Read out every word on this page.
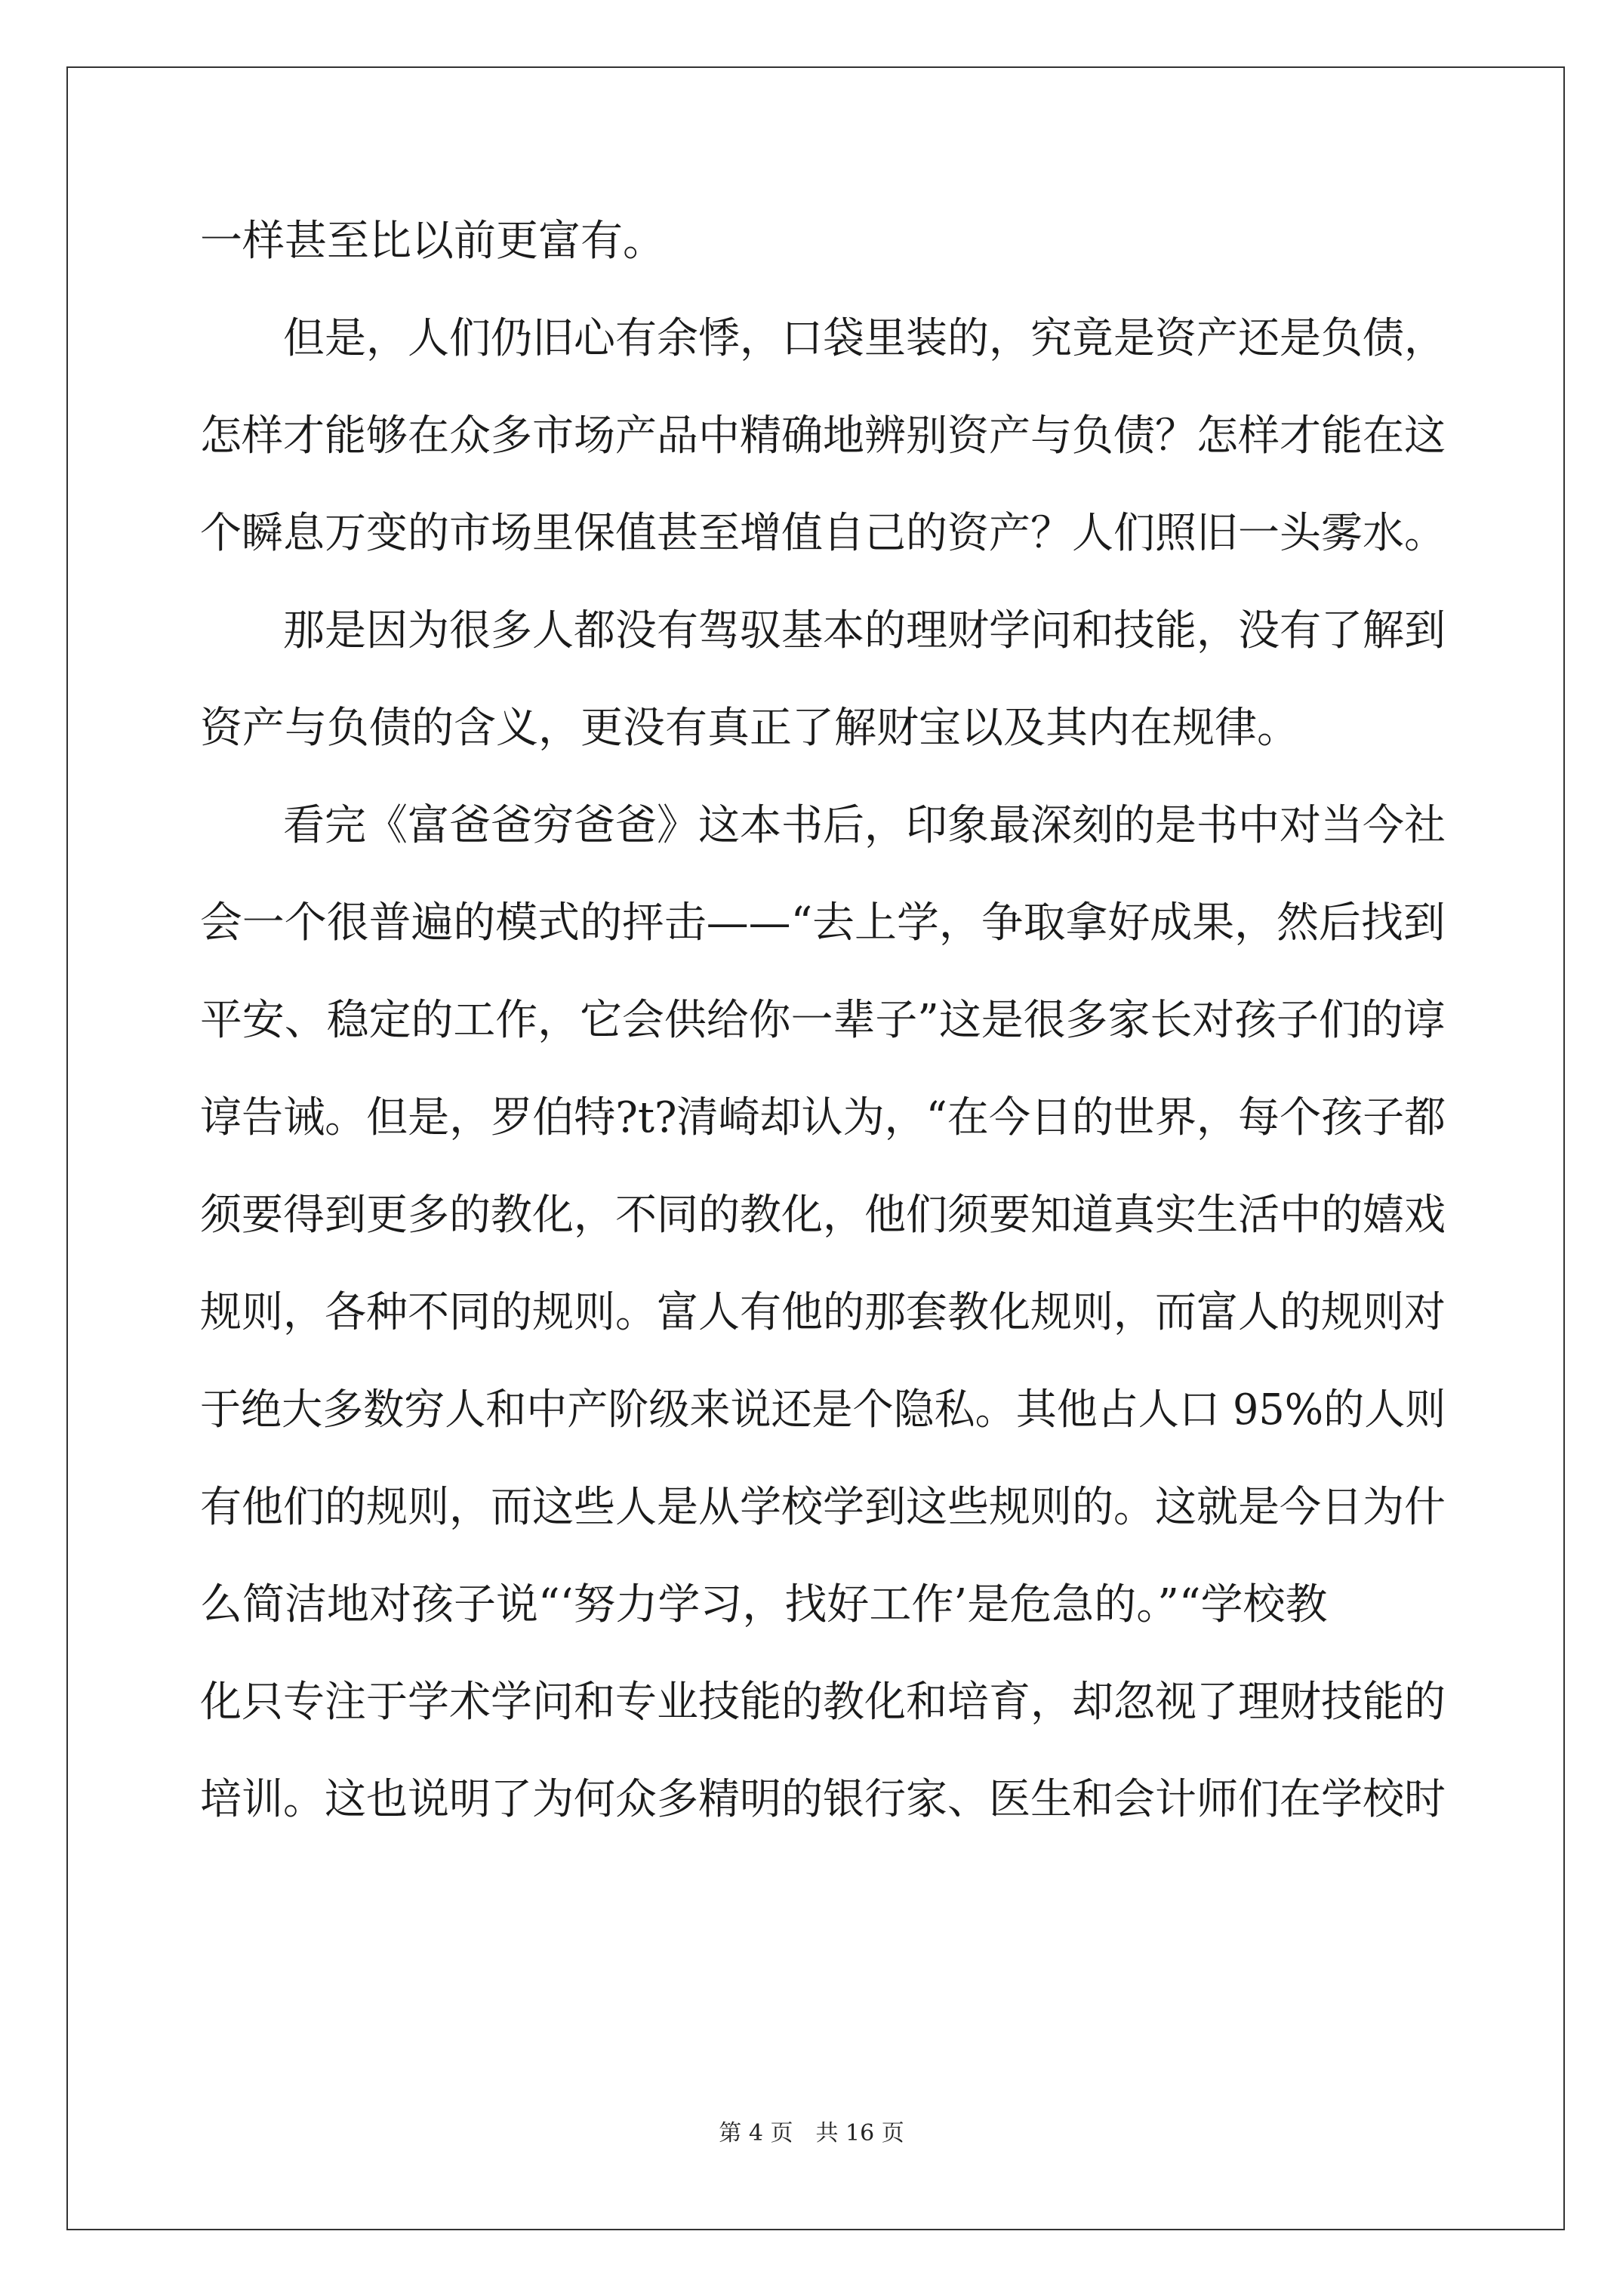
一样甚至比以前更富有。
　　但是，人们仍旧心有余悸，口袋里装的，究竟是资产还是负债，
怎样才能够在众多市场产品中精确地辨别资产与负债？怎样才能在这
个瞬息万变的市场里保值甚至增值自己的资产？人们照旧一头雾水。
　　那是因为很多人都没有驾驭基本的理财学问和技能，没有了解到
资产与负债的含义，更没有真正了解财宝以及其内在规律。
　　看完《富爸爸穷爸爸》这本书后，印象最深刻的是书中对当今社
会一个很普遍的模式的抨击——“去上学，争取拿好成果，然后找到
平安、稳定的工作，它会供给你一辈子”这是很多家长对孩子们的谆
谆告诫。但是，罗伯特?t?清崎却认为，“在今日的世界，每个孩子都
须要得到更多的教化，不同的教化，他们须要知道真实生活中的嬉戏
规则，各种不同的规则。富人有他的那套教化规则，而富人的规则对
于绝大多数穷人和中产阶级来说还是个隐私。其他占人口 95%的人则
有他们的规则，而这些人是从学校学到这些规则的。这就是今日为什
么简洁地对孩子说“‘努力学习，找好工作’是危急的。”“学校教
化只专注于学术学问和专业技能的教化和培育，却忽视了理财技能的
培训。这也说明了为何众多精明的银行家、医生和会计师们在学校时
第 4 页　共 16 页
